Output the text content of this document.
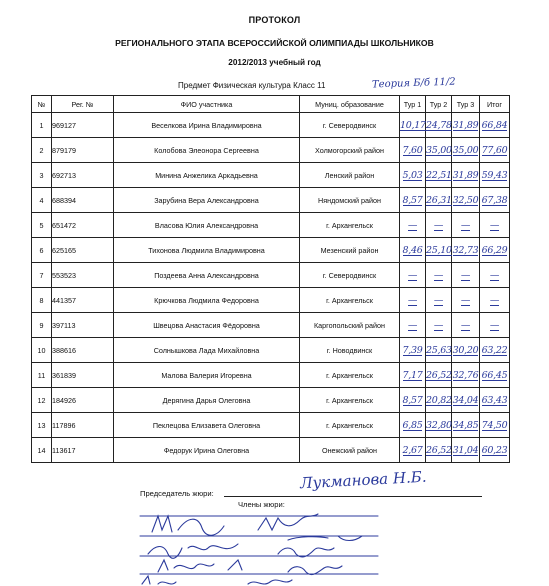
ПРОТОКОЛ
РЕГИОНАЛЬНОГО ЭТАПА ВСЕРОССИЙСКОЙ ОЛИМПИАДЫ ШКОЛЬНИКОВ
2012/2013 учебный год
Предмет Физическая культура Класс 11	Теория Б/б 11/2
№	Рег. №	ФИО участника	Муниц. образование	Тур 1	Тур 2	Тур 3	Итог
1	969127	Веселкова Ирина Владимировна	г. Северодвинск	10,17	24,78	31,89	66,84
2	879179	Колобова Элеонора Сергеевна	Холмогорский район	7,60	35,00	35,00	77,60
3	692713	Минина Анжелика Аркадьевна	Ленский район	5,03	22,51	31,89	59,43
4	688394	Зарубина Вера Александровна	Няндомский район	8,57	26,31	32,50	67,38
5	651472	Власова Юлия Александровна	г. Архангельск	—	—	—	—
6	625165	Тихонова Людмила Владимировна	Мезенский район	8,46	25,10	32,73	66,29
7	553523	Поздеева Анна Александровна	г. Северодвинск	—	—	—	—
8	441357	Крючкова Людмила Федоровна	г. Архангельск	—	—	—	—
9	397113	Швецова Анастасия Фёдоровна	Каргопольский район	—	—	—	—
10	388616	Солнышкова Лада Михайловна	г. Новодвинск	7,39	25,63	30,20	63,22
11	361839	Малова Валерия Игоревна	г. Архангельск	7,17	26,52	32,76	66,45
12	184926	Дерягина Дарья Олеговна	г. Архангельск	8,57	20,82	34,04	63,43
13	117896	Пеклецова Елизавета Олеговна	г. Архангельск	6,85	32,80	34,85	74,50
14	113617	Федорук Ирина Олеговна	Онежский район	2,67	26,52	31,04	60,23
Лукманова Н.Б.
Председатель жюри:
Члены жюри:
